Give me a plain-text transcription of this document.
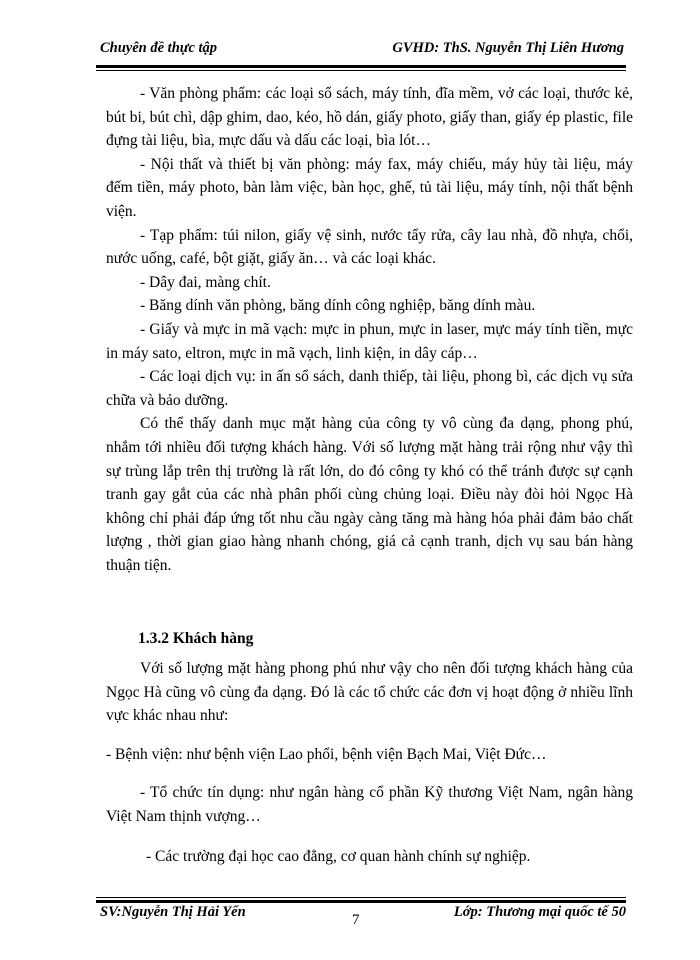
Chuyên đề thực tập	GVHD: ThS. Nguyễn Thị Liên Hương

- Văn phòng phẩm: các loại sổ sách, máy tính, đĩa mềm, vở các loại, thước kẻ, bút bi, bút chì, dập ghim, dao, kéo, hồ dán, giấy photo, giấy than, giấy ép plastic, file đựng tài liệu, bìa, mực dấu và dấu các loại, bìa lót…

- Nội thất và thiết bị văn phòng: máy fax, máy chiếu, máy hủy tài liệu, máy đếm tiền, máy photo, bàn làm việc, bàn học, ghế, tủ tài liệu, máy tính, nội thất bệnh viện.

- Tạp phẩm: túi nilon, giấy vệ sinh, nước tẩy rửa, cây lau nhà, đồ nhựa, chổi, nước uống, café, bột giặt, giấy ăn… và các loại khác.

- Dây đai, màng chít.

- Băng dính văn phòng, băng dính công nghiệp, băng dính màu.

- Giấy và mực in mã vạch: mực in phun, mực in laser, mực máy tính tiền, mực in máy sato, eltron, mực in mã vạch, linh kiện, in dây cáp…

- Các loại dịch vụ: in ấn sổ sách, danh thiếp, tài liệu, phong bì, các dịch vụ sửa chữa và bảo dưỡng.

Có thể thấy danh mục mặt hàng của công ty vô cùng đa dạng, phong phú, nhắm tới nhiều đối tượng khách hàng. Với số lượng mặt hàng trải rộng như vậy thì sự trùng lắp trên thị trường là rất lớn, do đó công ty khó có thể tránh được sự cạnh tranh gay gắt của các nhà phân phối cùng chủng loại. Điều này đòi hỏi Ngọc Hà không chỉ phải đáp ứng tốt nhu cầu ngày càng tăng mà hàng hóa phải đảm bảo chất lượng , thời gian giao hàng nhanh chóng, giá cả cạnh tranh, dịch vụ sau bán hàng thuận tiện.

1.3.2 Khách hàng

Với số lượng mặt hàng phong phú như vậy cho nên đối tượng khách hàng của Ngọc Hà cũng vô cùng đa dạng. Đó là các tổ chức các đơn vị hoạt động ở nhiều lĩnh vực khác nhau như:

- Bệnh viện: như bệnh viện Lao phổi, bệnh viện Bạch Mai, Việt Đức…

- Tổ chức tín dụng: như ngân hàng cổ phần Kỹ thương Việt Nam, ngân hàng Việt Nam thịnh vượng…

- Các trường đại học cao đẳng, cơ quan hành chính sự nghiệp.

SV:Nguyễn Thị Hải Yến	Lớp: Thương mại quốc tế 50
7
